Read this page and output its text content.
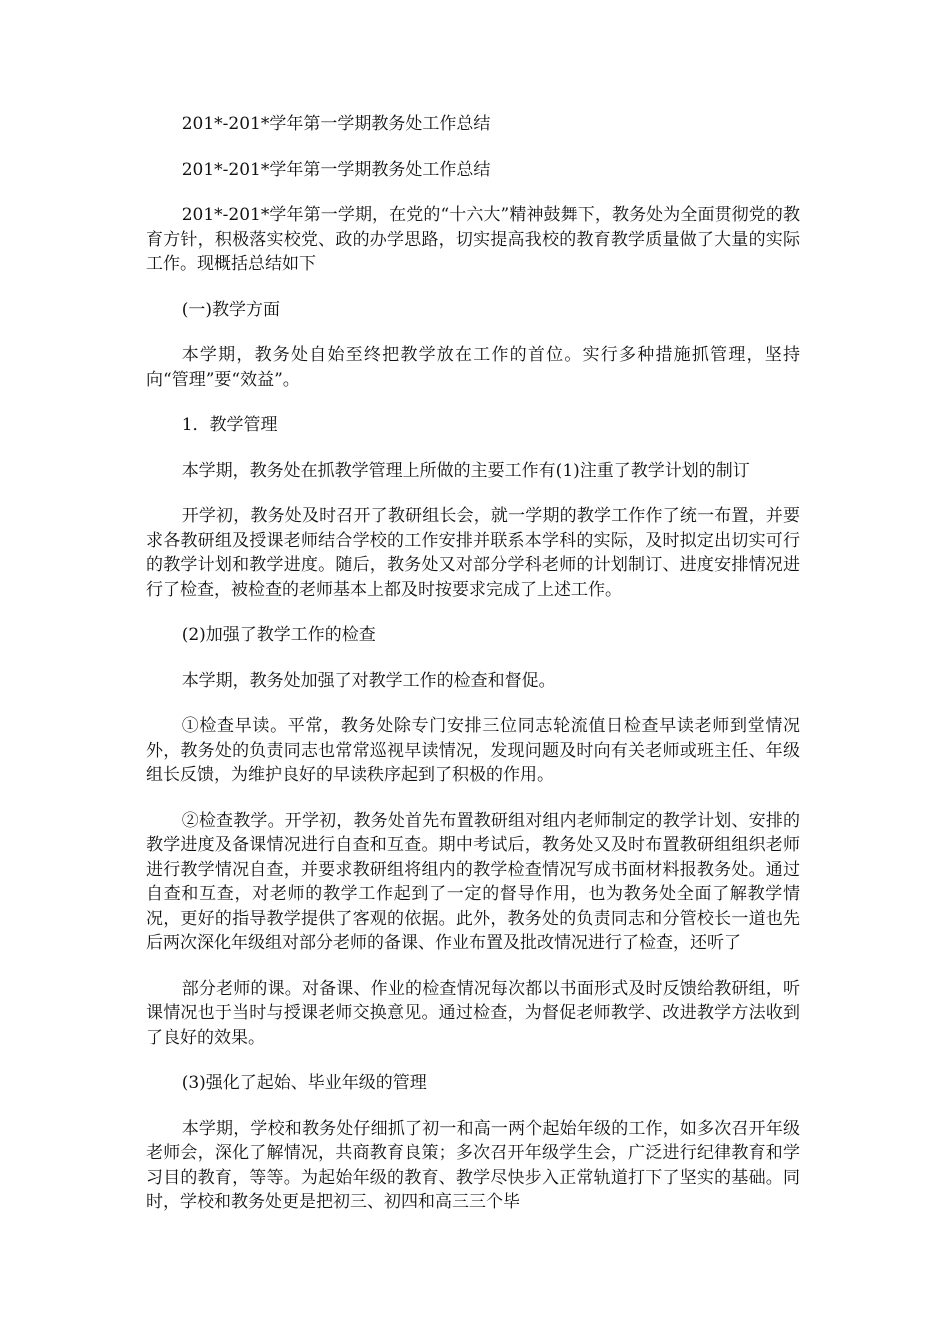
201*-201*学年第一学期教务处工作总结

201*-201*学年第一学期教务处工作总结

201*-201*学年第一学期，在党的“十六大”精神鼓舞下，教务处为全面贯彻党的教育方针，积极落实校党、政的办学思路，切实提高我校的教育教学质量做了大量的实际工作。现概括总结如下

(一)教学方面

本学期，教务处自始至终把教学放在工作的首位。实行多种措施抓管理，坚持向“管理”要“效益”。

1．教学管理

本学期，教务处在抓教学管理上所做的主要工作有(1)注重了教学计划的制订

开学初，教务处及时召开了教研组长会，就一学期的教学工作作了统一布置，并要求各教研组及授课老师结合学校的工作安排并联系本学科的实际，及时拟定出切实可行的教学计划和教学进度。随后，教务处又对部分学科老师的计划制订、进度安排情况进行了检查，被检查的老师基本上都及时按要求完成了上述工作。

(2)加强了教学工作的检查

本学期，教务处加强了对教学工作的检查和督促。

①检查早读。平常，教务处除专门安排三位同志轮流值日检查早读老师到堂情况外，教务处的负责同志也常常巡视早读情况，发现问题及时向有关老师或班主任、年级组长反馈，为维护良好的早读秩序起到了积极的作用。

②检查教学。开学初，教务处首先布置教研组对组内老师制定的教学计划、安排的教学进度及备课情况进行自查和互查。期中考试后，教务处又及时布置教研组组织老师进行教学情况自查，并要求教研组将组内的教学检查情况写成书面材料报教务处。通过自查和互查，对老师的教学工作起到了一定的督导作用，也为教务处全面了解教学情况，更好的指导教学提供了客观的依据。此外，教务处的负责同志和分管校长一道也先后两次深化年级组对部分老师的备课、作业布置及批改情况进行了检查，还听了

部分老师的课。对备课、作业的检查情况每次都以书面形式及时反馈给教研组，听课情况也于当时与授课老师交换意见。通过检查，为督促老师教学、改进教学方法收到了良好的效果。

(3)强化了起始、毕业年级的管理

本学期，学校和教务处仔细抓了初一和高一两个起始年级的工作，如多次召开年级老师会，深化了解情况，共商教育良策；多次召开年级学生会，广泛进行纪律教育和学习目的教育，等等。为起始年级的教育、教学尽快步入正常轨道打下了坚实的基础。同时，学校和教务处更是把初三、初四和高三三个毕
